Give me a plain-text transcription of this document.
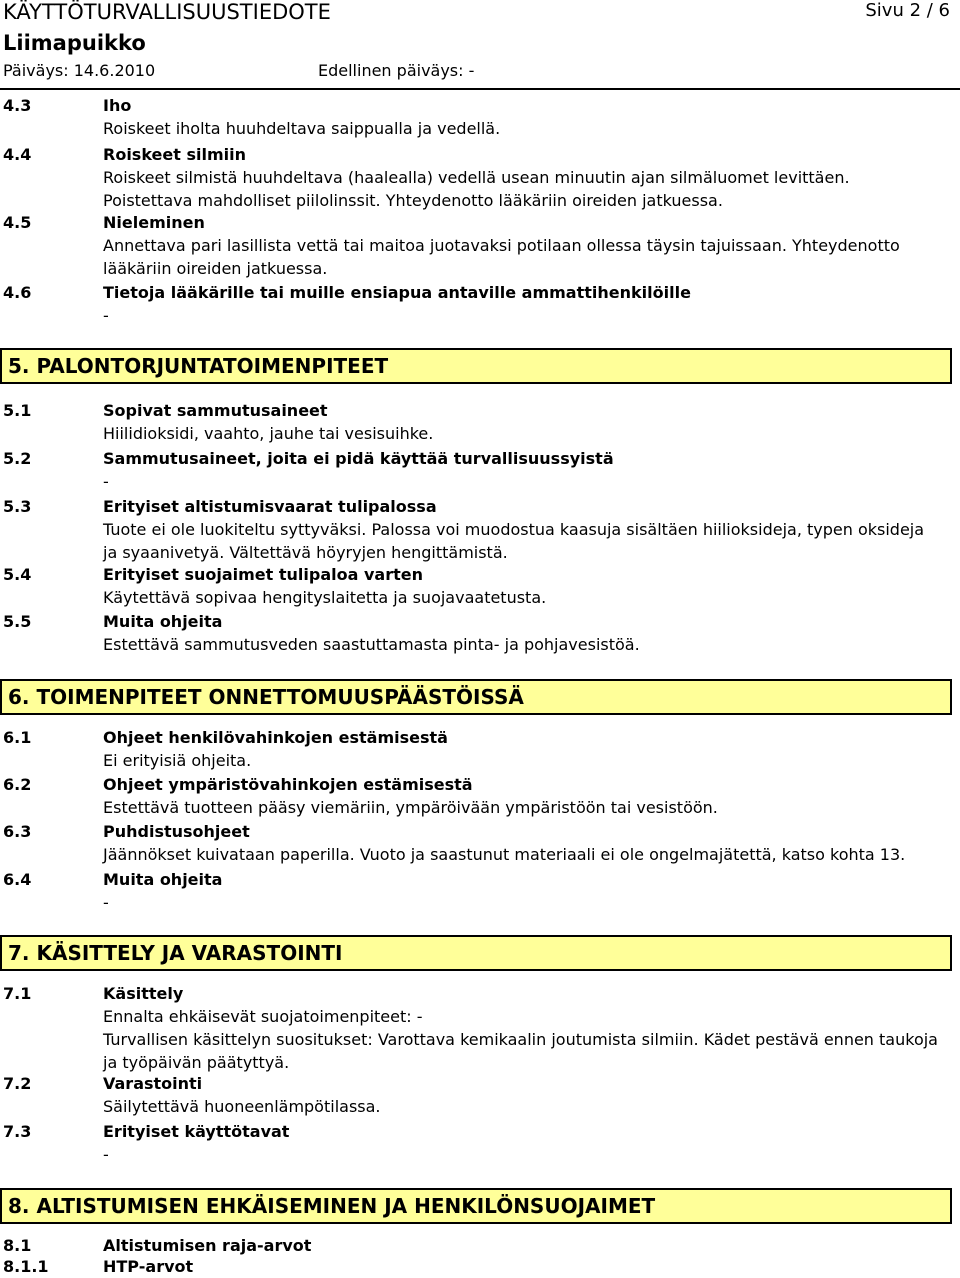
KÄYTTÖTURVALLISUUSTIEDOTE
Liimapuikko
Päiväys: 14.6.2010	Edellinen päiväys: -
Sivu 2 / 6
4.3	Iho
Roiskeet iholta huuhdeltava saippualla ja vedellä.
4.4	Roiskeet silmiin
Roiskeet silmistä huuhdeltava (haalealla) vedellä usean minuutin ajan silmäluomet levittäen. Poistettava mahdolliset piilolinssit. Yhteydenotto lääkäriin oireiden jatkuessa.
4.5	Nieleminen
Annettava pari lasillista vettä tai maitoa juotavaksi potilaan ollessa täysin tajuissaan. Yhteydenotto lääkäriin oireiden jatkuessa.
4.6	Tietoja lääkärille tai muille ensiapua antaville ammattihenkilöille
-
5. PALONTORJUNTATOIMENPITEET
5.1	Sopivat sammutusaineet
Hiilidioksidi, vaahto, jauhe tai vesisuihke.
5.2	Sammutusaineet, joita ei pidä käyttää turvallisuussyistä
-
5.3	Erityiset altistumisvaarat tulipalossa
Tuote ei ole luokiteltu syttyväksi. Palossa voi muodostua kaasuja sisältäen hiilioksideja, typen oksideja ja syaanivetyä. Vältettävä höyryjen hengittämistä.
5.4	Erityiset suojaimet tulipaloa varten
Käytettävä sopivaa hengityslaitetta ja suojavaatetusta.
5.5	Muita ohjeita
Estettävä sammutusveden saastuttamasta pinta- ja pohjavesistöä.
6. TOIMENPITEET ONNETTOMUUSPÄÄSTÖISSÄ
6.1	Ohjeet henkilövahinkojen estämisestä
Ei erityisiä ohjeita.
6.2	Ohjeet ympäristövahinkojen estämisestä
Estettävä tuotteen pääsy viemäriin, ympäröivään ympäristöön tai vesistöön.
6.3	Puhdistusohjeet
Jäännökset kuivataan paperilla. Vuoto ja saastunut materiaali ei ole ongelmajätettä, katso kohta 13.
6.4	Muita ohjeita
-
7. KÄSITTELY JA VARASTOINTI
7.1	Käsittely
Ennalta ehkäisevät suojatoimenpiteet: -
Turvallisen käsittelyn suositukset: Varottava kemikaalin joutumista silmiin. Kädet pestävä ennen taukoja ja työpäivän päätyttyä.
7.2	Varastointi
Säilytettävä huoneenlämpötilassa.
7.3	Erityiset käyttötavat
-
8. ALTISTUMISEN EHKÄISEMINEN JA HENKILÖNSUOJAIMET
8.1	Altistumisen raja-arvot
8.1.1	HTP-arvot
